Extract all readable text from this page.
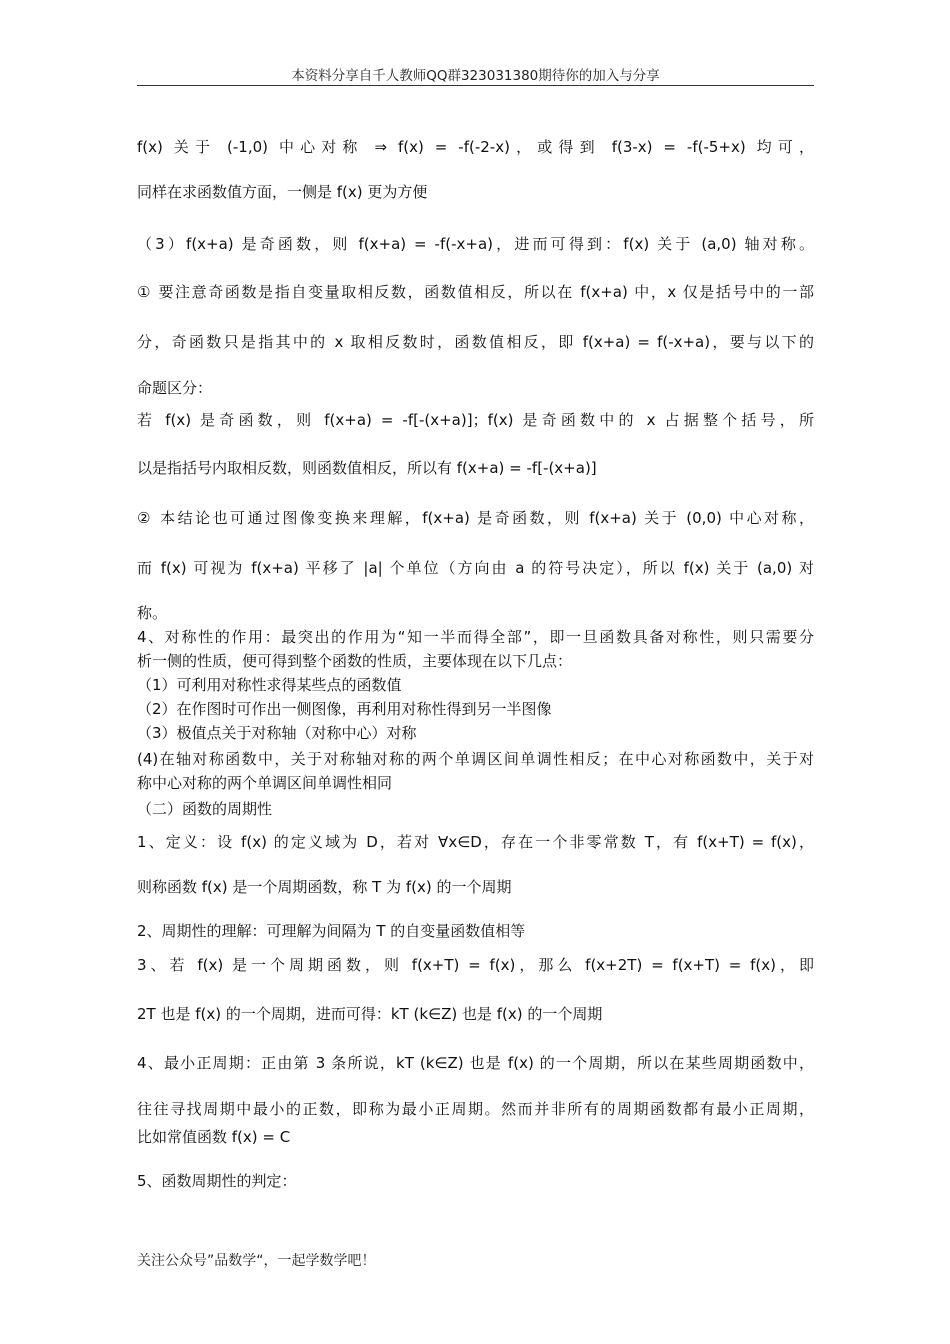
本资料分享自千人教师QQ群323031380期待你的加入与分享
f(x) 关于 (-1,0) 中心对称 ⇒ f(x) = -f(-2-x)，或得到 f(3-x) = -f(-5+x) 均可，
同样在求函数值方面，一侧是 f(x) 更为方便
（3）f(x+a) 是奇函数，则 f(x+a) = -f(-x+a)，进而可得到：f(x) 关于 (a,0) 轴对称。
① 要注意奇函数是指自变量取相反数，函数值相反，所以在 f(x+a) 中，x 仅是括号中的一部
分，奇函数只是指其中的 x 取相反数时，函数值相反，即 f(x+a) = f(-x+a)，要与以下的
命题区分：
若 f(x) 是奇函数，则 f(x+a) = -f[-(x+a)]；f(x) 是奇函数中的 x 占据整个括号，所
以是指括号内取相反数，则函数值相反，所以有 f(x+a) = -f[-(x+a)]
② 本结论也可通过图像变换来理解，f(x+a) 是奇函数，则 f(x+a) 关于 (0,0) 中心对称，
而 f(x) 可视为 f(x+a) 平移了 |a| 个单位（方向由 a 的符号决定），所以 f(x) 关于 (a,0) 对
称。
4、对称性的作用：最突出的作用为“知一半而得全部”，即一旦函数具备对称性，则只需要分
析一侧的性质，便可得到整个函数的性质，主要体现在以下几点：
（1）可利用对称性求得某些点的函数值
（2）在作图时可作出一侧图像，再利用对称性得到另一半图像
（3）极值点关于对称轴（对称中心）对称
(4)在轴对称函数中，关于对称轴对称的两个单调区间单调性相反；在中心对称函数中，关于对
称中心对称的两个单调区间单调性相同
（二）函数的周期性
1、定义：设 f(x) 的定义域为 D，若对 ∀x∈D，存在一个非零常数 T，有 f(x+T) = f(x)，
则称函数 f(x) 是一个周期函数，称 T 为 f(x) 的一个周期
2、周期性的理解：可理解为间隔为 T 的自变量函数值相等
3、若 f(x) 是一个周期函数，则 f(x+T) = f(x)，那么 f(x+2T) = f(x+T) = f(x)，即
2T 也是 f(x) 的一个周期，进而可得：kT (k∈Z) 也是 f(x) 的一个周期
4、最小正周期：正由第 3 条所说，kT (k∈Z) 也是 f(x) 的一个周期，所以在某些周期函数中，
往往寻找周期中最小的正数，即称为最小正周期。然而并非所有的周期函数都有最小正周期，
比如常值函数 f(x) = C
5、函数周期性的判定：
关注公众号”品数学“，一起学数学吧！
